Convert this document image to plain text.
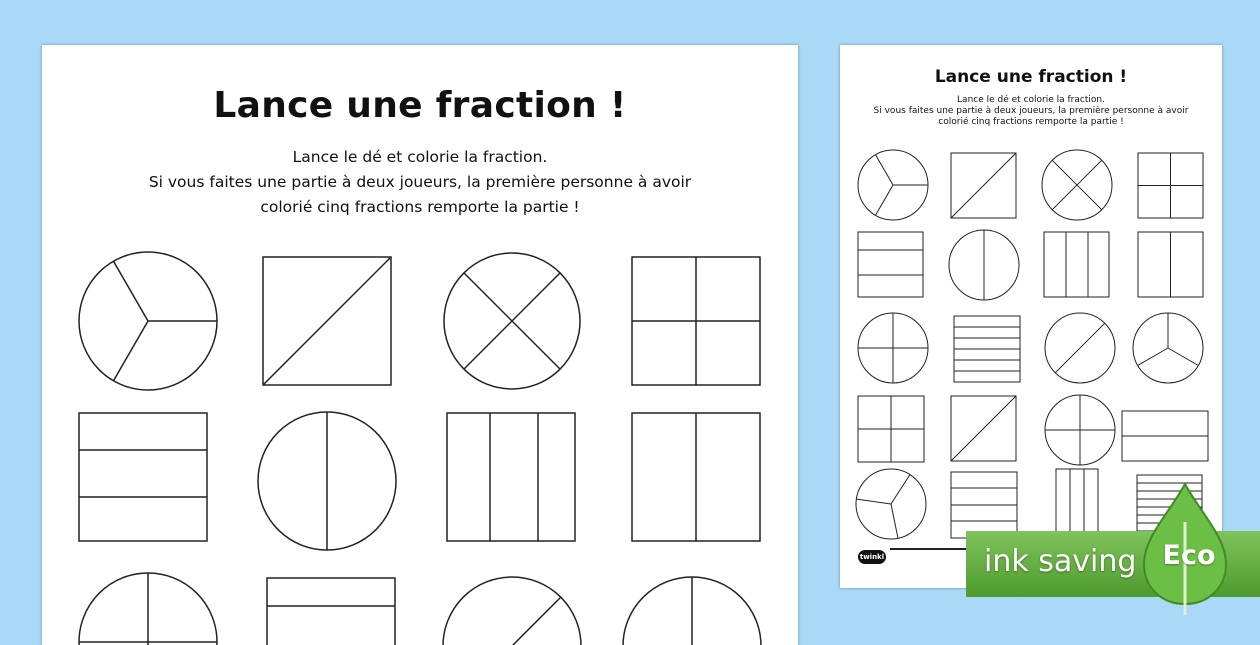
Lance une fraction !
Lance le dé et colorie la fraction.
Si vous faites une partie à deux joueurs, la première personne à avoir
colorié cinq fractions remporte la partie !
Lance une fraction !
Lance le dé et colorie la fraction.
Si vous faites une partie à deux joueurs, la première personne à avoir
colorié cinq fractions remporte la partie !
twinkl	ink saving Eco
